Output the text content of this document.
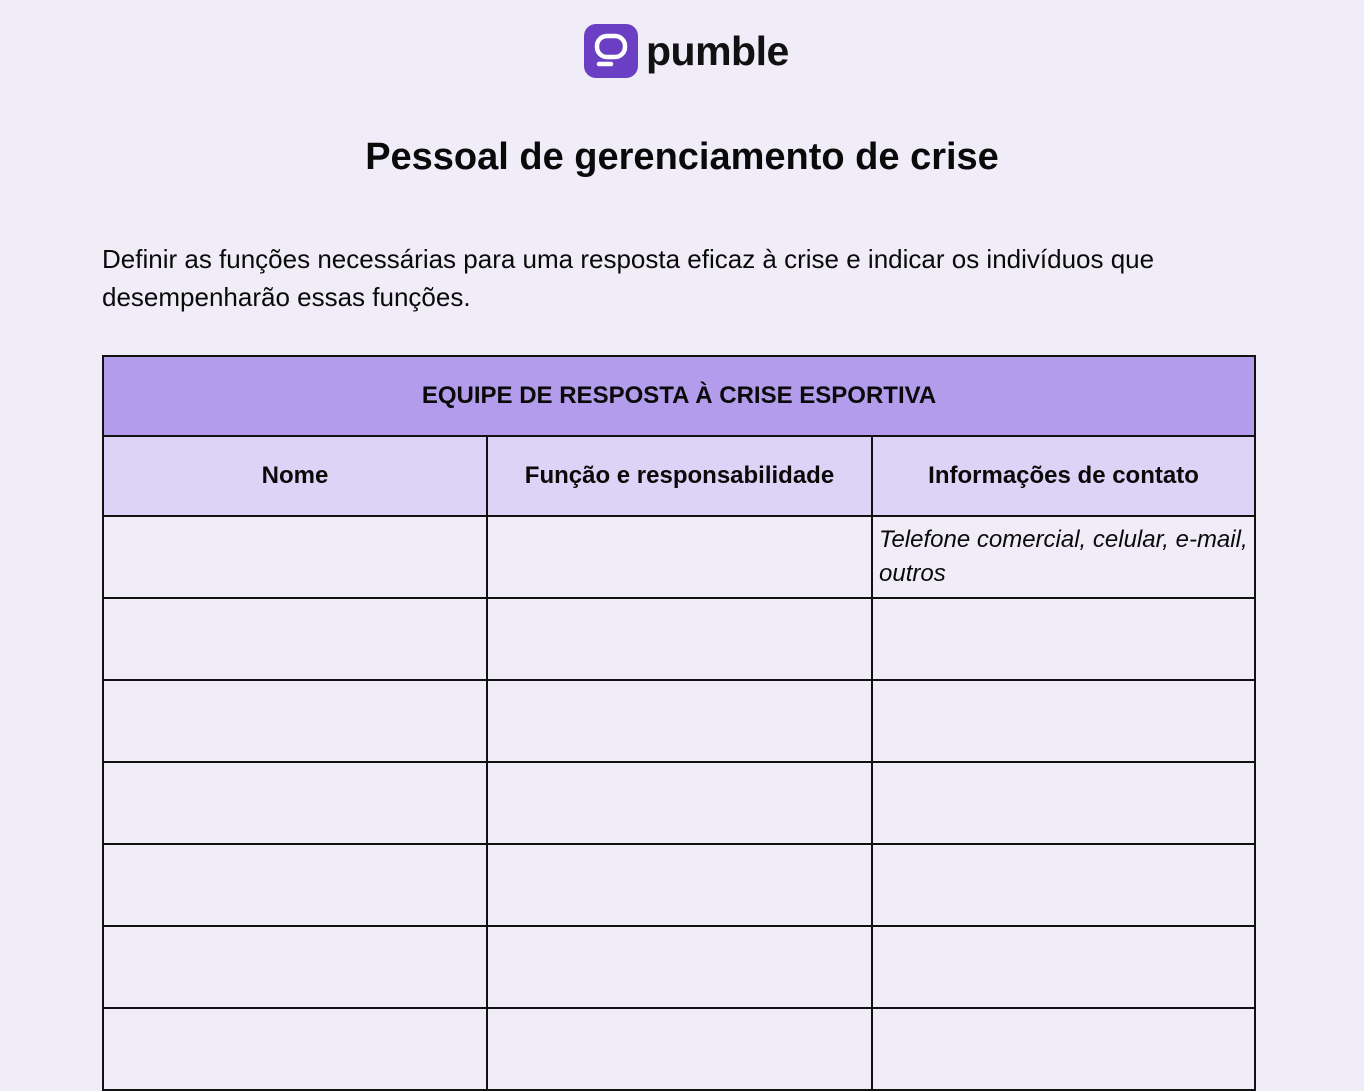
pumble
Pessoal de gerenciamento de crise

Definir as funções necessárias para uma resposta eficaz à crise e indicar os indivíduos que desempenharão essas funções.

EQUIPE DE RESPOSTA À CRISE ESPORTIVA		
Nome	Função e responsabilidade	Informações de contato

		Telefone comercial, celular, e-mail, outros
